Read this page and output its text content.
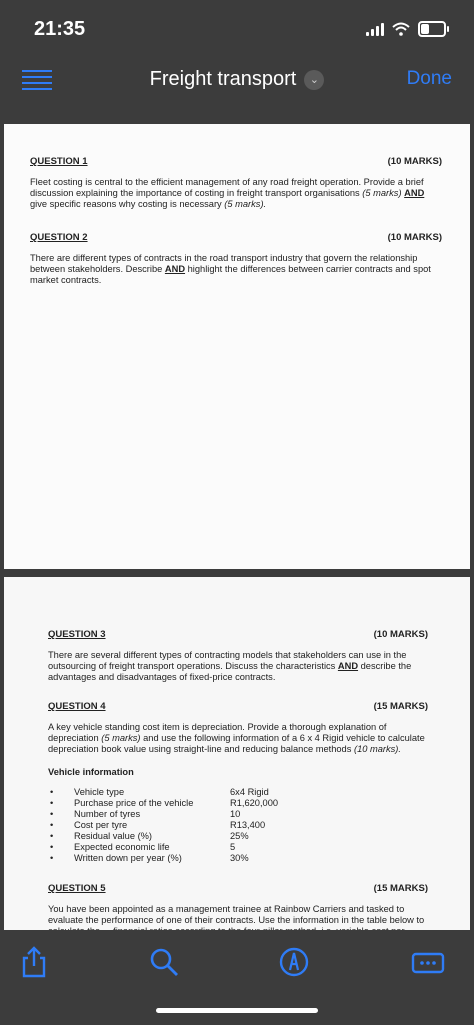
21:35
Freight transport ⌄	Done
QUESTION 1	(10 MARKS)
Fleet costing is central to the efficient management of any road freight operation. Provide a brief discussion explaining the importance of costing in freight transport organisations (5 marks) AND give specific reasons why costing is necessary (5 marks).
QUESTION 2	(10 MARKS)
There are different types of contracts in the road transport industry that govern the relationship between stakeholders. Describe AND highlight the differences between carrier contracts and spot market contracts.
QUESTION 3	(10 MARKS)
There are several different types of contracting models that stakeholders can use in the outsourcing of freight transport operations. Discuss the characteristics AND describe the advantages and disadvantages of fixed-price contracts.
QUESTION 4	(15 MARKS)
A key vehicle standing cost item is depreciation. Provide a thorough explanation of depreciation (5 marks) and use the following information of a 6 x 4 Rigid vehicle to calculate depreciation book value using straight-line and reducing balance methods (10 marks).
Vehicle information
•	Vehicle type	6x4 Rigid
•	Purchase price of the vehicle	R1,620,000
•	Number of tyres	10
•	Cost per tyre	R13,400
•	Residual value (%)	25%
•	Expected economic life	5
•	Written down per year (%)	30%
QUESTION 5	(15 MARKS)
You have been appointed as a management trainee at Rainbow Carriers and tasked to evaluate the performance of one of their contracts. Use the information in the table below to
